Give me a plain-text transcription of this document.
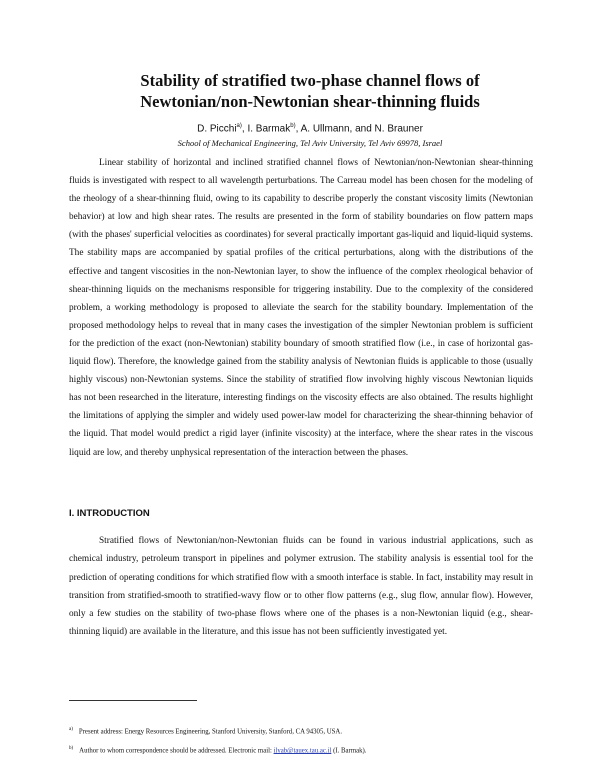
Stability of stratified two-phase channel flows of
Newtonian/non-Newtonian shear-thinning fluids
D. Picchi$^{a)}$, I. Barmak$^{b)}$, A. Ullmann, and N. Brauner
School of Mechanical Engineering, Tel Aviv University, Tel Aviv 69978, Israel

Linear stability of horizontal and inclined stratified channel flows of Newtonian/non-Newtonian shear-thinning fluids is investigated with respect to all wavelength perturbations. The Carreau model has been chosen for the modeling of the rheology of a shear-thinning fluid, owing to its capability to describe properly the constant viscosity limits (Newtonian behavior) at low and high shear rates. The results are presented in the form of stability boundaries on flow pattern maps (with the phases' superficial velocities as coordinates) for several practically important gas-liquid and liquid-liquid systems. The stability maps are accompanied by spatial profiles of the critical perturbations, along with the distributions of the effective and tangent viscosities in the non-Newtonian layer, to show the influence of the complex rheological behavior of shear-thinning liquids on the mechanisms responsible for triggering instability. Due to the complexity of the considered problem, a working methodology is proposed to alleviate the search for the stability boundary. Implementation of the proposed methodology helps to reveal that in many cases the investigation of the simpler Newtonian problem is sufficient for the prediction of the exact (non-Newtonian) stability boundary of smooth stratified flow (i.e., in case of horizontal gas-liquid flow). Therefore, the knowledge gained from the stability analysis of Newtonian fluids is applicable to those (usually highly viscous) non-Newtonian systems. Since the stability of stratified flow involving highly viscous Newtonian liquids has not been researched in the literature, interesting findings on the viscosity effects are also obtained. The results highlight the limitations of applying the simpler and widely used power-law model for characterizing the shear-thinning behavior of the liquid. That model would predict a rigid layer (infinite viscosity) at the interface, where the shear rates in the viscous liquid are low, and thereby unphysical representation of the interaction between the phases.

I. INTRODUCTION

Stratified flows of Newtonian/non-Newtonian fluids can be found in various industrial applications, such as chemical industry, petroleum transport in pipelines and polymer extrusion. The stability analysis is essential tool for the prediction of operating conditions for which stratified flow with a smooth interface is stable. In fact, instability may result in transition from stratified-smooth to stratified-wavy flow or to other flow patterns (e.g., slug flow, annular flow). However, only a few studies on the stability of two-phase flows where one of the phases is a non-Newtonian liquid (e.g., shear-thinning liquid) are available in the literature, and this issue has not been sufficiently investigated yet.

$^{a)}$ Present address: Energy Resources Engineering, Stanford University, Stanford, CA 94305, USA.
$^{b)}$ Author to whom correspondence should be addressed. Electronic mail: ilyab@tauex.tau.ac.il (I. Barmak).
